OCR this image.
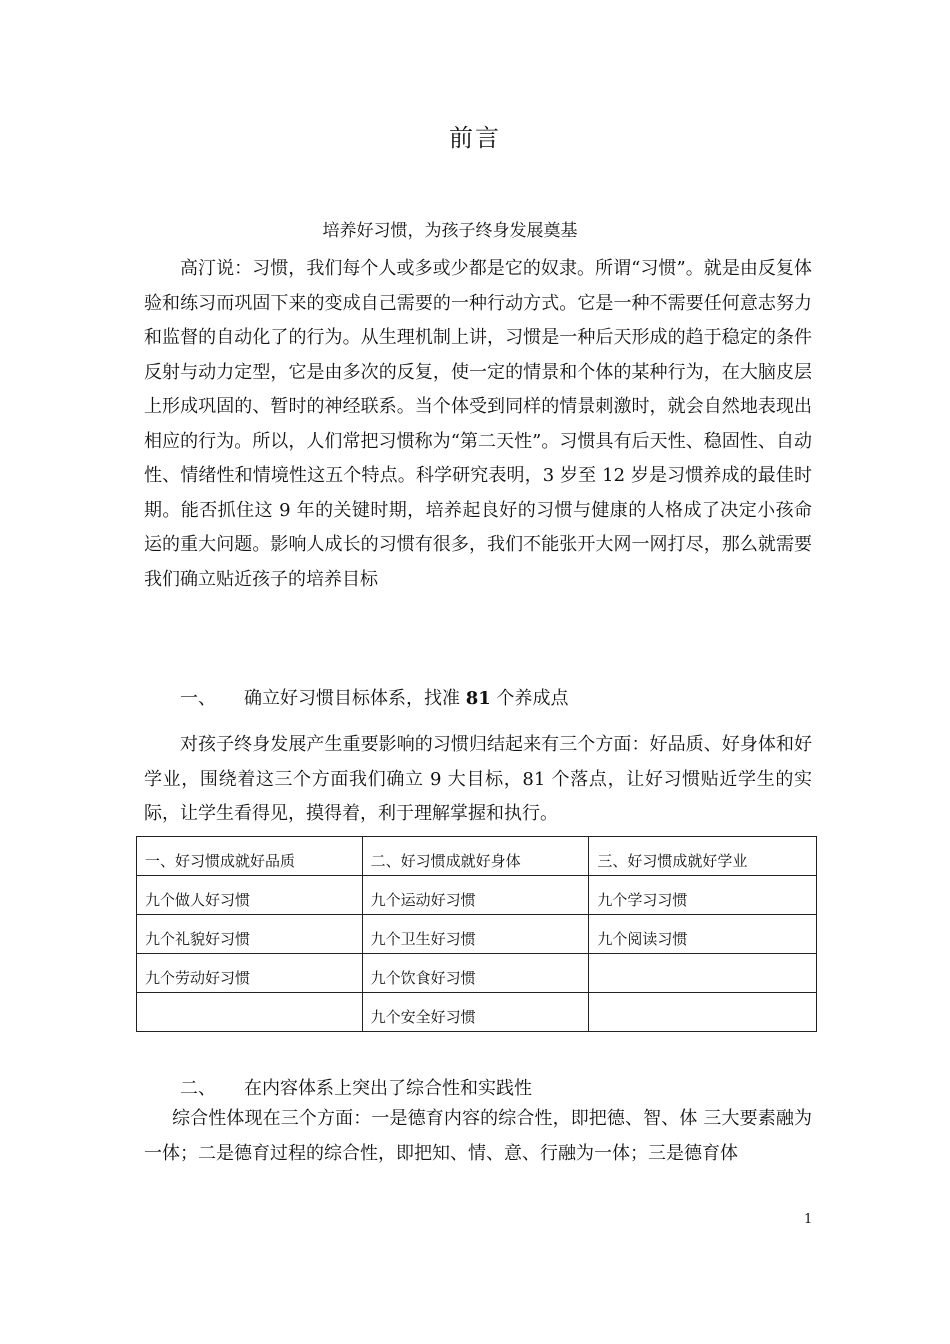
前言
培养好习惯，为孩子终身发展奠基

高汀说：习惯，我们每个人或多或少都是它的奴隶。所谓“习惯”。就是由反复体验和练习而巩固下来的变成自己需要的一种行动方式。它是一种不需要任何意志努力和监督的自动化了的行为。从生理机制上讲，习惯是一种后天形成的趋于稳定的条件反射与动力定型，它是由多次的反复，使一定的情景和个体的某种行为，在大脑皮层上形成巩固的、暂时的神经联系。当个体受到同样的情景刺激时，就会自然地表现出相应的行为。所以，人们常把习惯称为“第二天性”。习惯具有后天性、稳固性、自动性、情绪性和情境性这五个特点。科学研究表明，3 岁至 12 岁是习惯养成的最佳时期。能否抓住这 9 年的关键时期，培养起良好的习惯与健康的人格成了决定小孩命运的重大问题。影响人成长的习惯有很多，我们不能张开大网一网打尽，那么就需要我们确立贴近孩子的培养目标

一、 确立好习惯目标体系，找准 81 个养成点

对孩子终身发展产生重要影响的习惯归结起来有三个方面：好品质、好身体和好学业，围绕着这三个方面我们确立 9 大目标，81 个落点，让好习惯贴近学生的实际，让学生看得见，摸得着，利于理解掌握和执行。

一、好习惯成就好品质	二、好习惯成就好身体	三、好习惯成就好学业
九个做人好习惯	九个运动好习惯	九个学习习惯
九个礼貌好习惯	九个卫生好习惯	九个阅读习惯
九个劳动好习惯	九个饮食好习惯	
	九个安全好习惯	
二、 在内容体系上突出了综合性和实践性

综合性体现在三个方面：一是德育内容的综合性，即把德、智、体 三大要素融为一体；二是德育过程的综合性，即把知、情、意、行融为一体；三是德育体

1
